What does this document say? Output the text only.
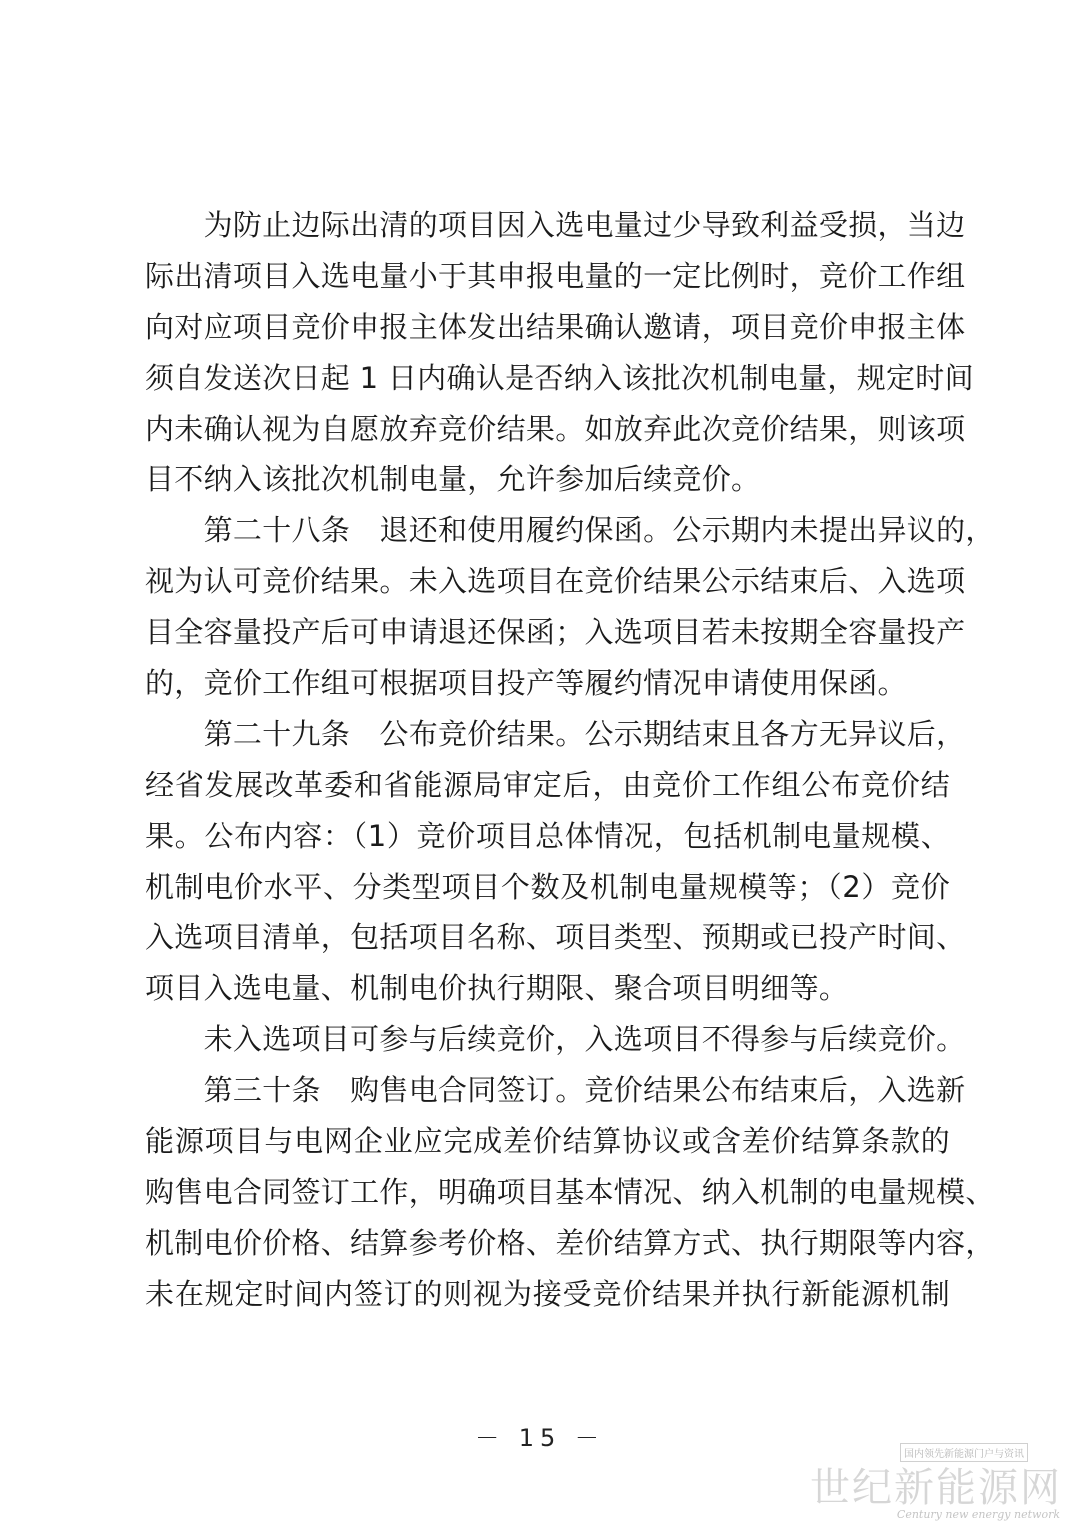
　　为防止边际出清的项目因入选电量过少导致利益受损，当边
际出清项目入选电量小于其申报电量的一定比例时，竞价工作组
向对应项目竞价申报主体发出结果确认邀请，项目竞价申报主体
须自发送次日起 1 日内确认是否纳入该批次机制电量，规定时间
内未确认视为自愿放弃竞价结果。如放弃此次竞价结果，则该项
目不纳入该批次机制电量，允许参加后续竞价。
　　第二十八条　退还和使用履约保函。公示期内未提出异议的，
视为认可竞价结果。未入选项目在竞价结果公示结束后、入选项
目全容量投产后可申请退还保函；入选项目若未按期全容量投产
的，竞价工作组可根据项目投产等履约情况申请使用保函。
　　第二十九条　公布竞价结果。公示期结束且各方无异议后，
经省发展改革委和省能源局审定后，由竞价工作组公布竞价结
果。公布内容：（1）竞价项目总体情况，包括机制电量规模、
机制电价水平、分类型项目个数及机制电量规模等；（2）竞价
入选项目清单，包括项目名称、项目类型、预期或已投产时间、
项目入选电量、机制电价执行期限、聚合项目明细等。
　　未入选项目可参与后续竞价，入选项目不得参与后续竞价。
　　第三十条　购售电合同签订。竞价结果公布结束后，入选新
能源项目与电网企业应完成差价结算协议或含差价结算条款的
购售电合同签订工作，明确项目基本情况、纳入机制的电量规模、
机制电价价格、结算参考价格、差价结算方式、执行期限等内容，
未在规定时间内签订的则视为接受竞价结果并执行新能源机制
－ 15 －
国内领先新能源门户与资讯
世纪新能源网
Century new energy network
